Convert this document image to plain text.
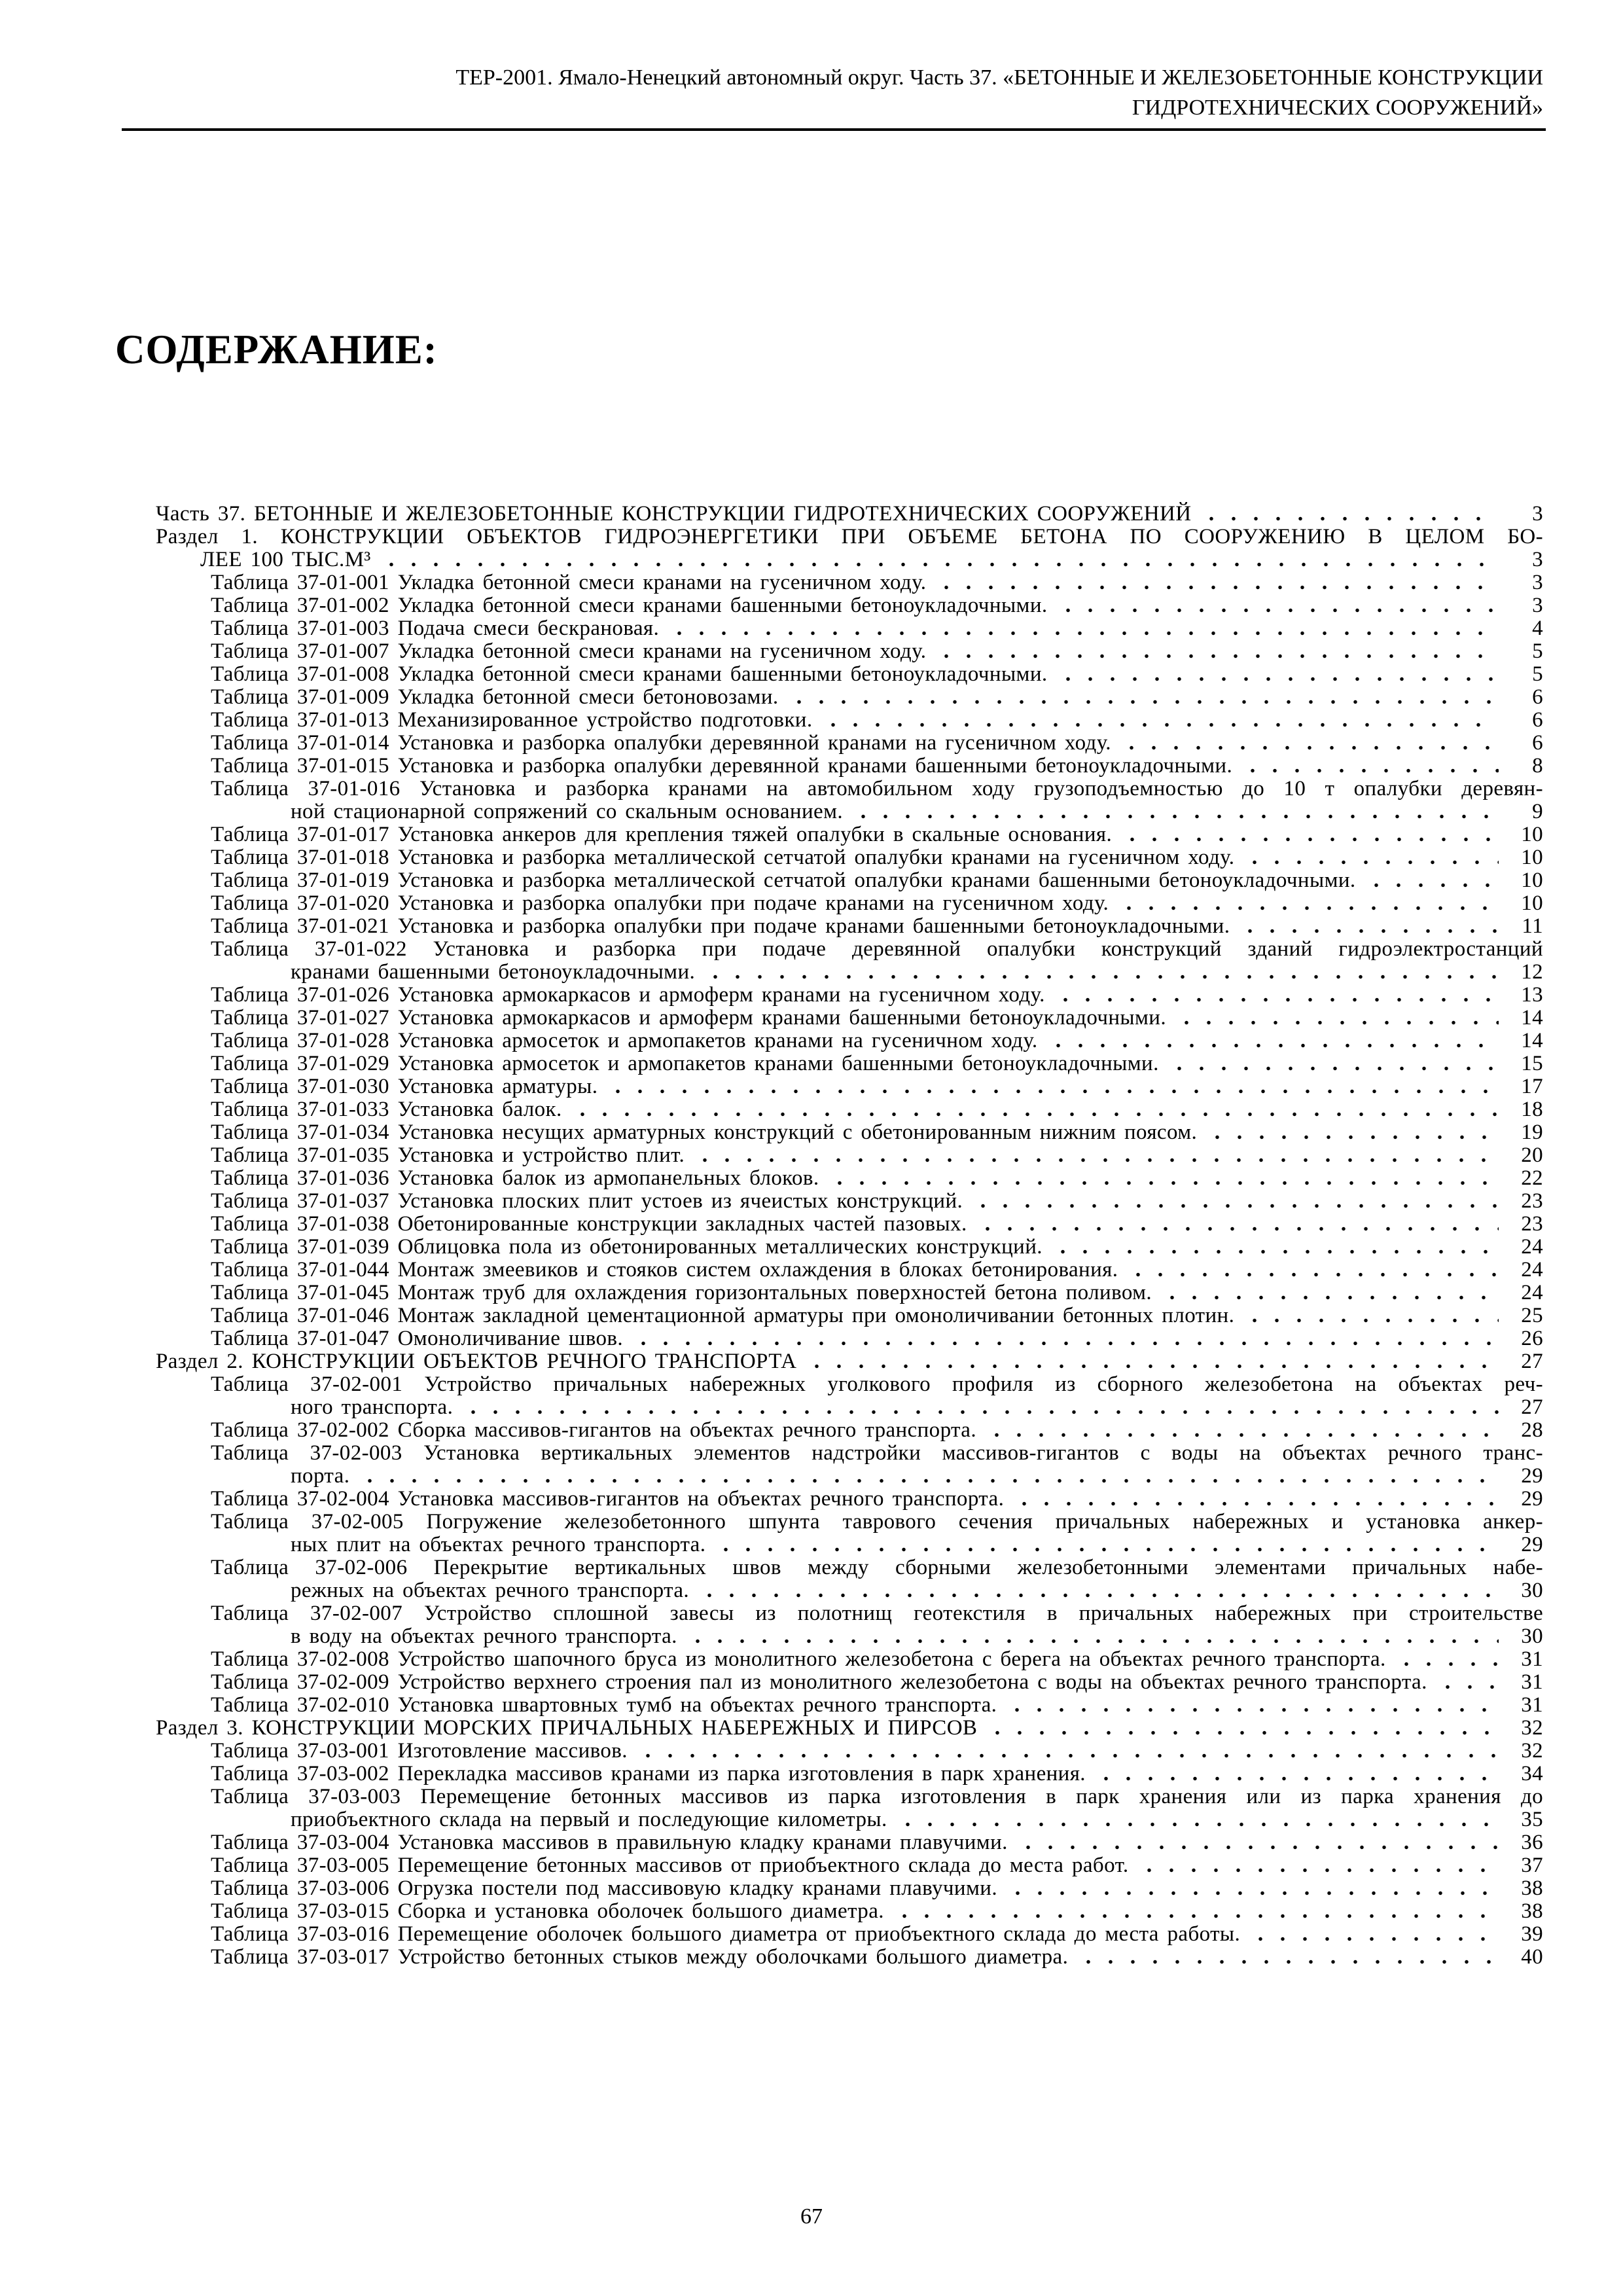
ТЕР-2001. Ямало-Ненецкий автономный округ. Часть 37. «БЕТОННЫЕ И ЖЕЛЕЗОБЕТОННЫЕ КОНСТРУКЦИИ
ГИДРОТЕХНИЧЕСКИХ СООРУЖЕНИЙ»
СОДЕРЖАНИЕ:
Часть 37. БЕТОННЫЕ И ЖЕЛЕЗОБЕТОННЫЕ КОНСТРУКЦИИ ГИДРОТЕХНИЧЕСКИХ СООРУЖЕНИЙ	3
Раздел 1. КОНСТРУКЦИИ ОБЪЕКТОВ ГИДРОЭНЕРГЕТИКИ ПРИ ОБЪЕМЕ БЕТОНА ПО СООРУЖЕНИЮ В ЦЕЛОМ БО-
ЛЕЕ 100 ТЫС.М³	3
Таблица 37-01-001 Укладка бетонной смеси кранами на гусеничном ходу.	3
Таблица 37-01-002 Укладка бетонной смеси кранами башенными бетоноукладочными.	3
Таблица 37-01-003 Подача смеси бескрановая.	4
Таблица 37-01-007 Укладка бетонной смеси кранами на гусеничном ходу.	5
Таблица 37-01-008 Укладка бетонной смеси кранами башенными бетоноукладочными.	5
Таблица 37-01-009 Укладка бетонной смеси бетоновозами.	6
Таблица 37-01-013 Механизированное устройство подготовки.	6
Таблица 37-01-014 Установка и разборка опалубки деревянной кранами на гусеничном ходу.	6
Таблица 37-01-015 Установка и разборка опалубки деревянной кранами башенными бетоноукладочными.	8
Таблица 37-01-016 Установка и разборка кранами на автомобильном ходу грузоподъемностью до 10 т опалубки деревян-
ной стационарной сопряжений со скальным основанием.	9
Таблица 37-01-017 Установка анкеров для крепления тяжей опалубки в скальные основания.	10
Таблица 37-01-018 Установка и разборка металлической сетчатой опалубки кранами на гусеничном ходу.	10
Таблица 37-01-019 Установка и разборка металлической сетчатой опалубки кранами башенными бетоноукладочными.	10
Таблица 37-01-020 Установка и разборка опалубки при подаче кранами на гусеничном ходу.	10
Таблица 37-01-021 Установка и разборка опалубки при подаче кранами башенными бетоноукладочными.	11
Таблица 37-01-022 Установка и разборка при подаче деревянной опалубки конструкций зданий гидроэлектростанций
кранами башенными бетоноукладочными.	12
Таблица 37-01-026 Установка армокаркасов и армоферм кранами на гусеничном ходу.	13
Таблица 37-01-027 Установка армокаркасов и армоферм кранами башенными бетоноукладочными.	14
Таблица 37-01-028 Установка армосеток и армопакетов кранами на гусеничном ходу.	14
Таблица 37-01-029 Установка армосеток и армопакетов кранами башенными бетоноукладочными.	15
Таблица 37-01-030 Установка арматуры.	17
Таблица 37-01-033 Установка балок.	18
Таблица 37-01-034 Установка несущих арматурных конструкций с обетонированным нижним поясом.	19
Таблица 37-01-035 Установка и устройство плит.	20
Таблица 37-01-036 Установка балок из армопанельных блоков.	22
Таблица 37-01-037 Установка плоских плит устоев из ячеистых конструкций.	23
Таблица 37-01-038 Обетонированные конструкции закладных частей пазовых.	23
Таблица 37-01-039 Облицовка пола из обетонированных металлических конструкций.	24
Таблица 37-01-044 Монтаж змеевиков и стояков систем охлаждения в блоках бетонирования.	24
Таблица 37-01-045 Монтаж труб для охлаждения горизонтальных поверхностей бетона поливом.	24
Таблица 37-01-046 Монтаж закладной цементационной арматуры при омоноличивании бетонных плотин.	25
Таблица 37-01-047 Омоноличивание швов.	26
Раздел 2. КОНСТРУКЦИИ ОБЪЕКТОВ РЕЧНОГО ТРАНСПОРТА	27
Таблица 37-02-001 Устройство причальных набережных уголкового профиля из сборного железобетона на объектах реч-
ного транспорта.	27
Таблица 37-02-002 Сборка массивов-гигантов на объектах речного транспорта.	28
Таблица 37-02-003 Установка вертикальных элементов надстройки массивов-гигантов с воды на объектах речного транс-
порта.	29
Таблица 37-02-004 Установка массивов-гигантов на объектах речного транспорта.	29
Таблица 37-02-005 Погружение железобетонного шпунта таврового сечения причальных набережных и установка анкер-
ных плит на объектах речного транспорта.	29
Таблица 37-02-006 Перекрытие вертикальных швов между сборными железобетонными элементами причальных набе-
режных на объектах речного транспорта.	30
Таблица 37-02-007 Устройство сплошной завесы из полотнищ геотекстиля в причальных набережных при строительстве
в воду на объектах речного транспорта.	30
Таблица 37-02-008 Устройство шапочного бруса из монолитного железобетона с берега на объектах речного транспорта.	31
Таблица 37-02-009 Устройство верхнего строения пал из монолитного железобетона с воды на объектах речного транспорта.	31
Таблица 37-02-010 Установка швартовных тумб на объектах речного транспорта.	31
Раздел 3. КОНСТРУКЦИИ МОРСКИХ ПРИЧАЛЬНЫХ НАБЕРЕЖНЫХ И ПИРСОВ	32
Таблица 37-03-001 Изготовление массивов.	32
Таблица 37-03-002 Перекладка массивов кранами из парка изготовления в парк хранения.	34
Таблица 37-03-003 Перемещение бетонных массивов из парка изготовления в парк хранения или из парка хранения до
приобъектного склада на первый и последующие километры.	35
Таблица 37-03-004 Установка массивов в правильную кладку кранами плавучими.	36
Таблица 37-03-005 Перемещение бетонных массивов от приобъектного склада до места работ.	37
Таблица 37-03-006 Огрузка постели под массивовую кладку кранами плавучими.	38
Таблица 37-03-015 Сборка и установка оболочек большого диаметра.	38
Таблица 37-03-016 Перемещение оболочек большого диаметра от приобъектного склада до места работы.	39
Таблица 37-03-017 Устройство бетонных стыков между оболочками большого диаметра.	40
67
